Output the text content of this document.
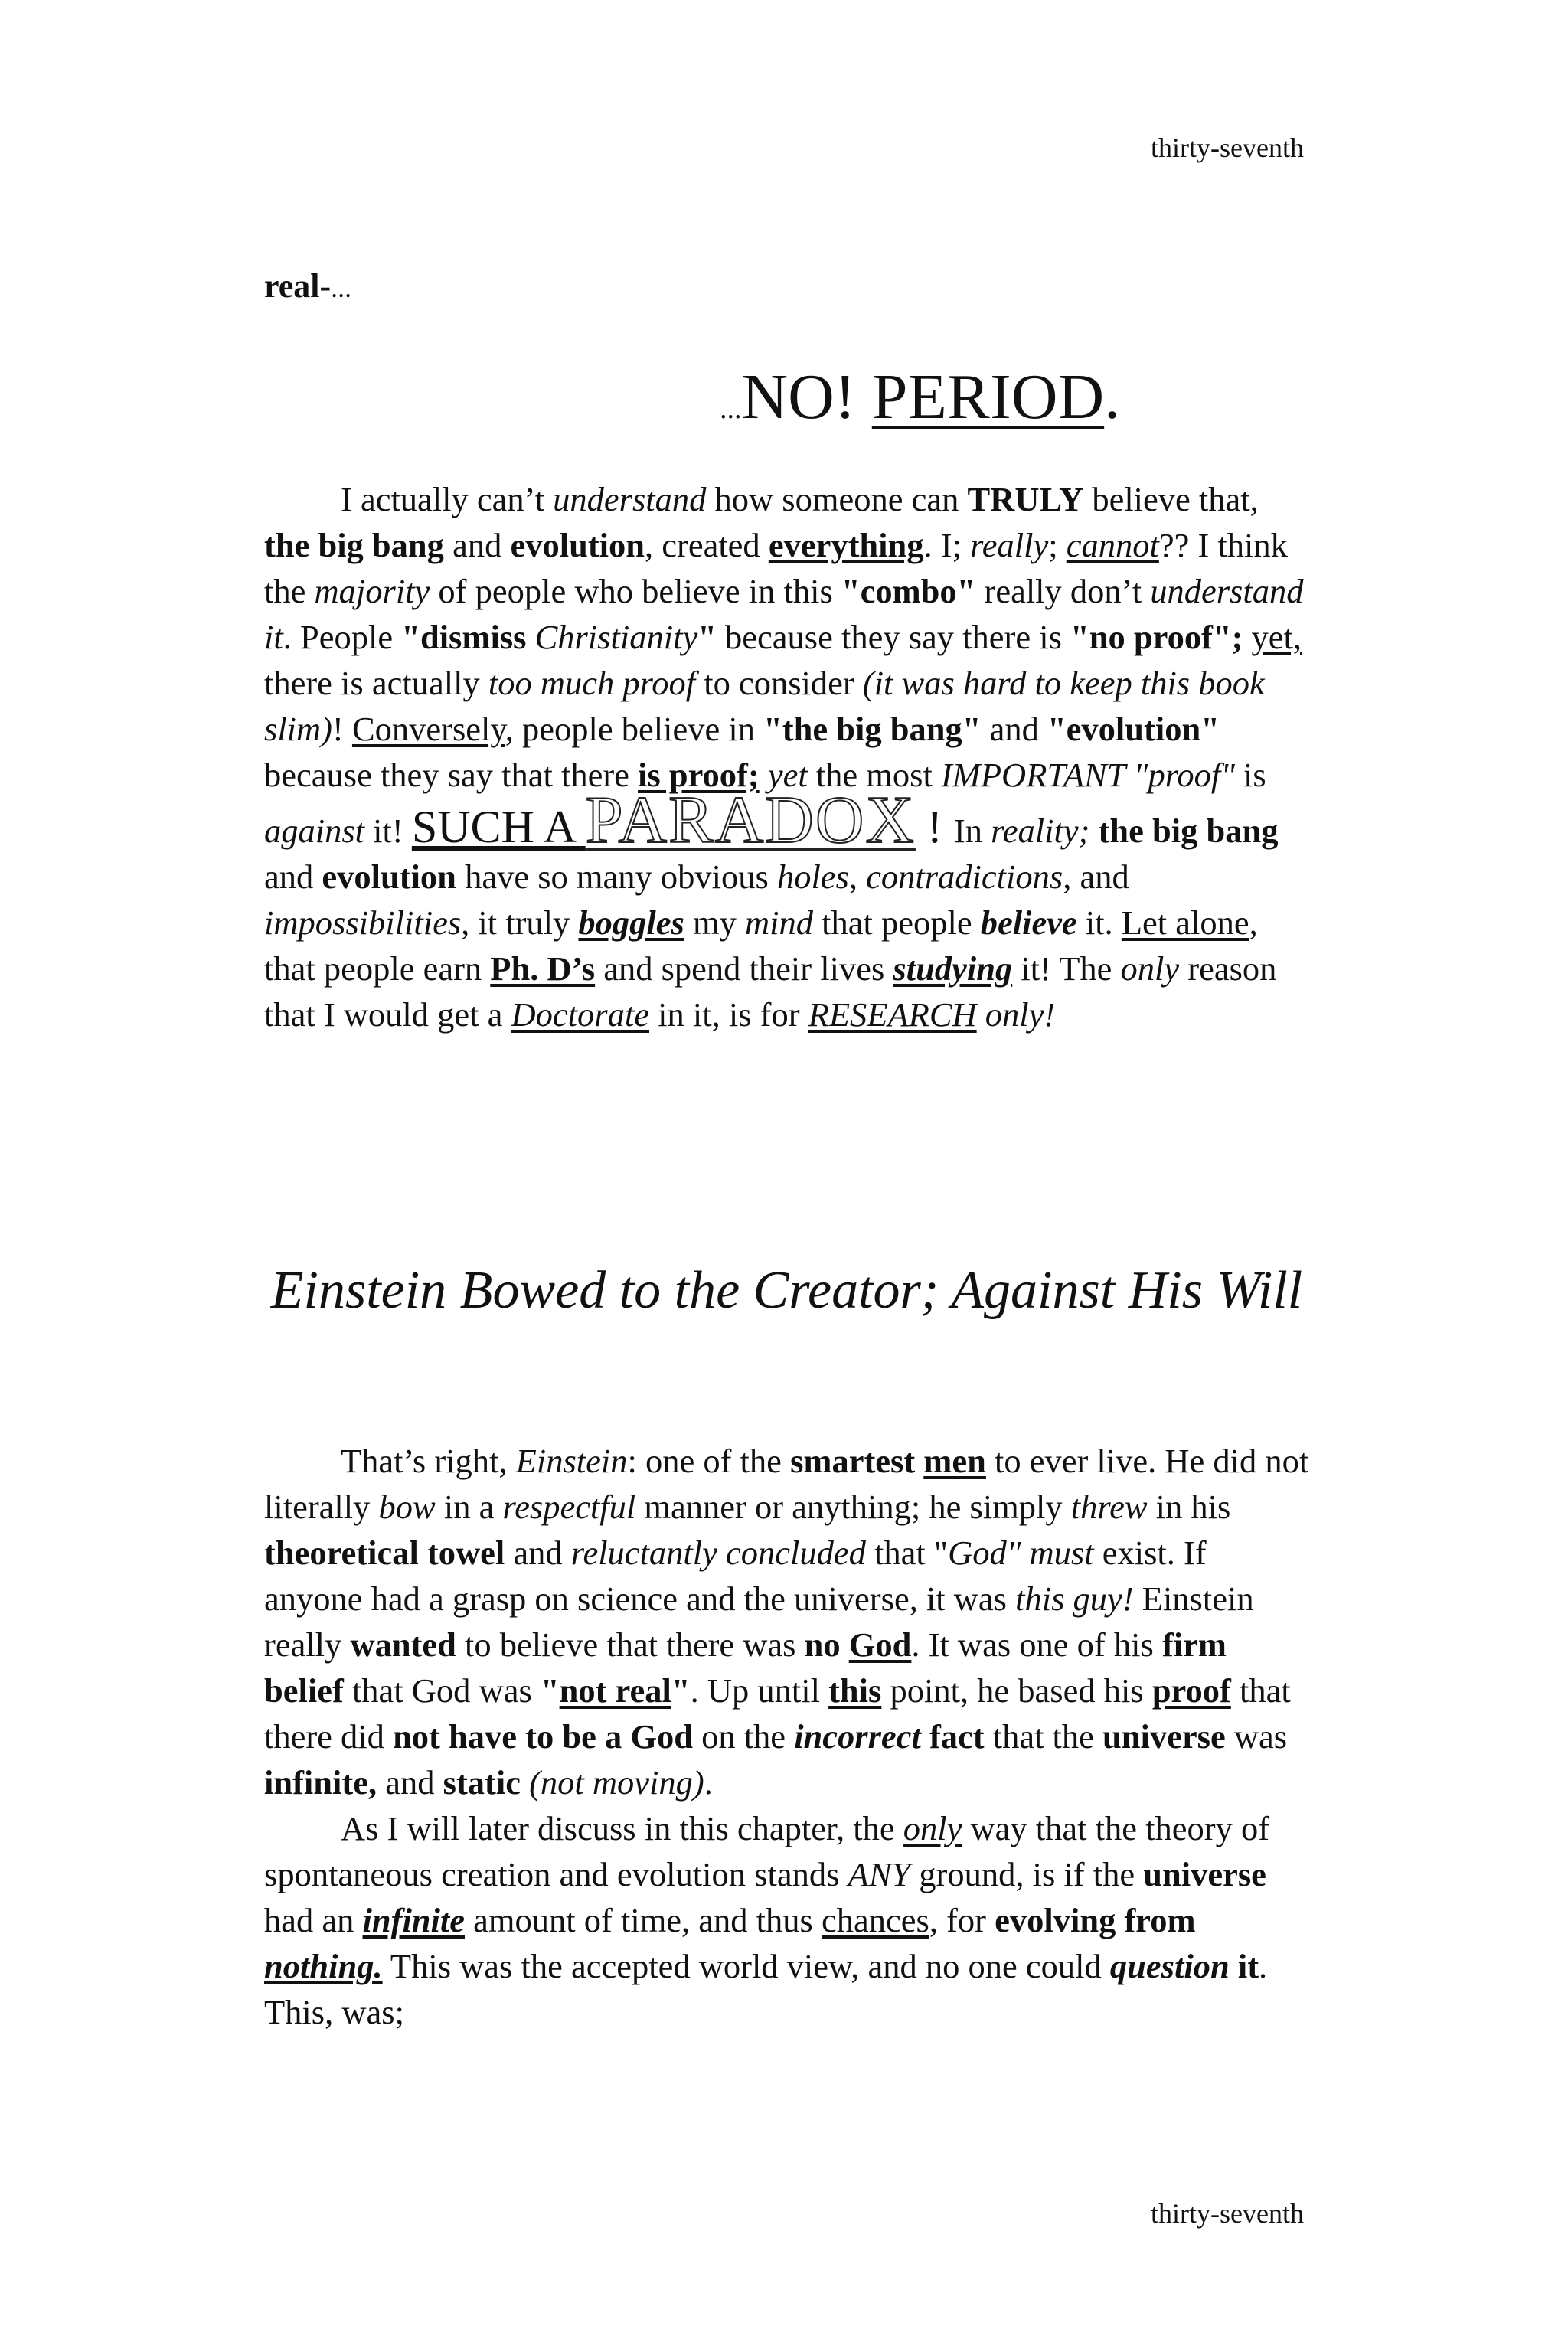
thirty-seventh
real-...
...NO! PERIOD.

I actually can’t understand how someone can TRULY believe that, the big bang and evolution, created everything. I; really; cannot?? I think the majority of people who believe in this "combo" really don’t understand it. People "dismiss Christianity" because they say there is "no proof"; yet, there is actually too much proof to consider (it was hard to keep this book slim)! Conversely, people believe in "the big bang" and "evolution" because they say that there is proof; yet the most IMPORTANT "proof" is against it! SUCH A PARADOX ! In reality; the big bang and evolution have so many obvious holes, contradictions, and impossibilities, it truly boggles my mind that people believe it. Let alone, that people earn Ph. D’s and spend their lives studying it! The only reason that I would get a Doctorate in it, is for RESEARCH only!

Einstein Bowed to the Creator; Against His Will

That’s right, Einstein: one of the smartest men to ever live. He did not literally bow in a respectful manner or anything; he simply threw in his theoretical towel and reluctantly concluded that "God" must exist. If anyone had a grasp on science and the universe, it was this guy! Einstein really wanted to believe that there was no God. It was one of his firm belief that God was "not real". Up until this point, he based his proof that there did not have to be a God on the incorrect fact that the universe was infinite, and static (not moving).

As I will later discuss in this chapter, the only way that the theory of spontaneous creation and evolution stands ANY ground, is if the universe had an infinite amount of time, and thus chances, for evolving from nothing. This was the accepted world view, and no one could question it. This, was;

thirty-seventh
